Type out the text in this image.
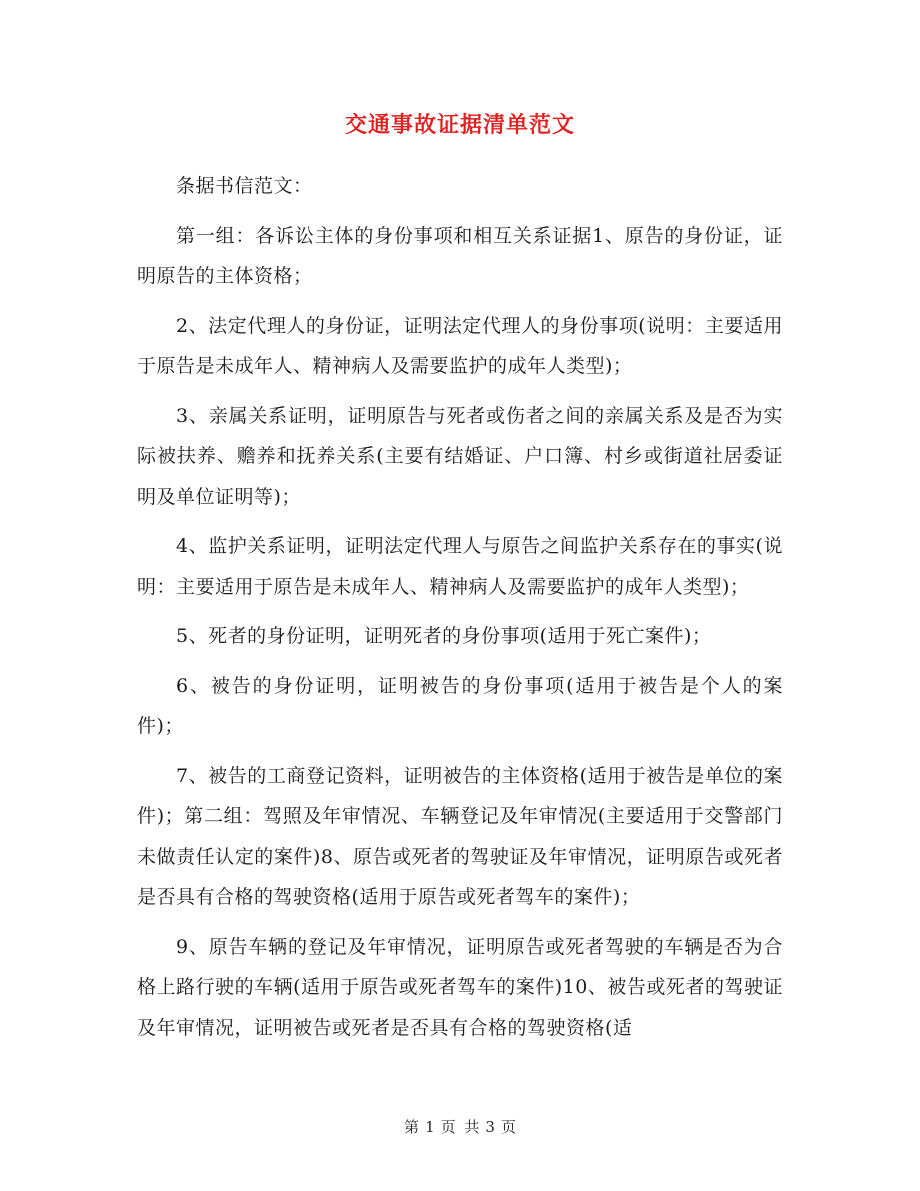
交通事故证据清单范文

条据书信范文：

第一组：各诉讼主体的身份事项和相互关系证据1、原告的身份证，证明原告的主体资格；

2、法定代理人的身份证，证明法定代理人的身份事项(说明：主要适用于原告是未成年人、精神病人及需要监护的成年人类型)；

3、亲属关系证明，证明原告与死者或伤者之间的亲属关系及是否为实际被扶养、赡养和抚养关系(主要有结婚证、户口簿、村乡或街道社居委证明及单位证明等)；

4、监护关系证明，证明法定代理人与原告之间监护关系存在的事实(说明：主要适用于原告是未成年人、精神病人及需要监护的成年人类型)；

5、死者的身份证明，证明死者的身份事项(适用于死亡案件)；

6、被告的身份证明，证明被告的身份事项(适用于被告是个人的案件)；

7、被告的工商登记资料，证明被告的主体资格(适用于被告是单位的案件)；第二组：驾照及年审情况、车辆登记及年审情况(主要适用于交警部门未做责任认定的案件)8、原告或死者的驾驶证及年审情况，证明原告或死者是否具有合格的驾驶资格(适用于原告或死者驾车的案件)；

9、原告车辆的登记及年审情况，证明原告或死者驾驶的车辆是否为合格上路行驶的车辆(适用于原告或死者驾车的案件)10、被告或死者的驾驶证及年审情况，证明被告或死者是否具有合格的驾驶资格(适

第 1 页 共 3 页
